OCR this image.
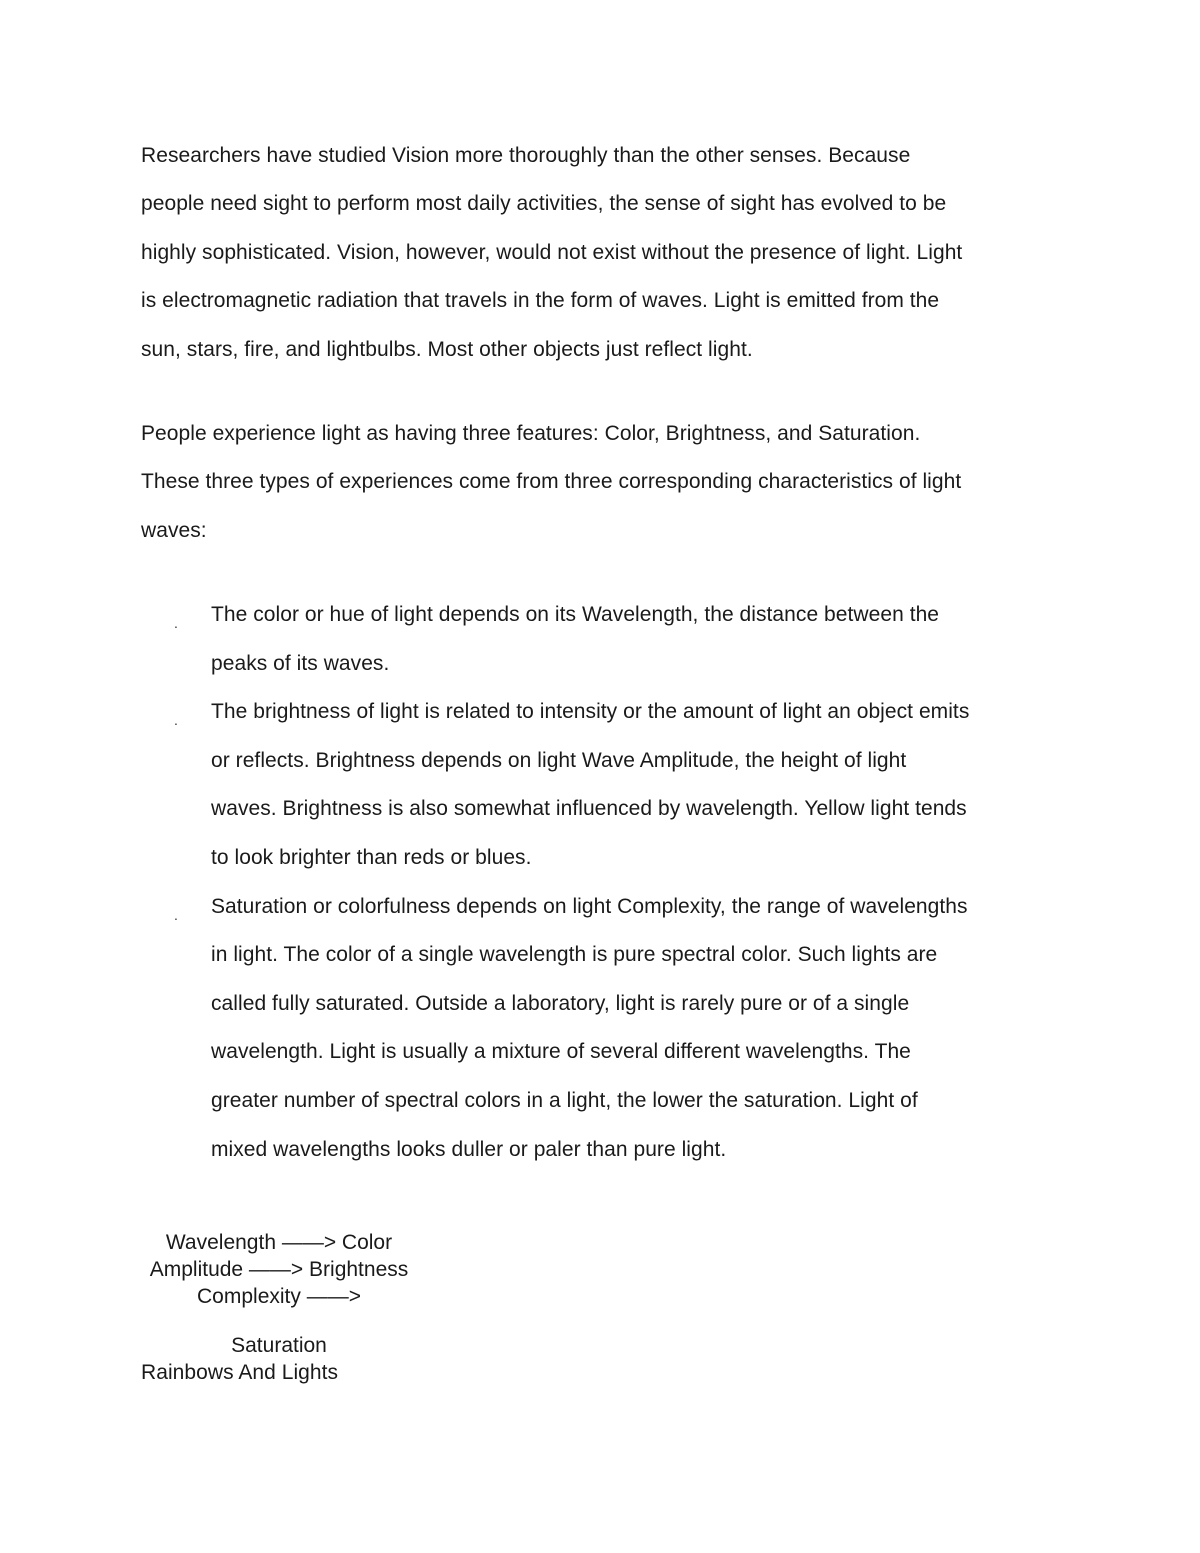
Researchers have studied Vision more thoroughly than the other senses. Because
people need sight to perform most daily activities, the sense of sight has evolved to be
highly sophisticated. Vision, however, would not exist without the presence of light. Light
is electromagnetic radiation that travels in the form of waves. Light is emitted from the
sun, stars, fire, and lightbulbs. Most other objects just reflect light.
People experience light as having three features: Color, Brightness, and Saturation.
These three types of experiences come from three corresponding characteristics of light
waves:
. The color or hue of light depends on its Wavelength, the distance between the
peaks of its waves.
. The brightness of light is related to intensity or the amount of light an object emits
or reflects. Brightness depends on light Wave Amplitude, the height of light
waves. Brightness is also somewhat influenced by wavelength. Yellow light tends
to look brighter than reds or blues.
. Saturation or colorfulness depends on light Complexity, the range of wavelengths
in light. The color of a single wavelength is pure spectral color. Such lights are
called fully saturated. Outside a laboratory, light is rarely pure or of a single
wavelength. Light is usually a mixture of several different wavelengths. The
greater number of spectral colors in a light, the lower the saturation. Light of
mixed wavelengths looks duller or paler than pure light.
Wavelength ——> Color
Amplitude ——> Brightness
Complexity ——>
Saturation
Rainbows And Lights
